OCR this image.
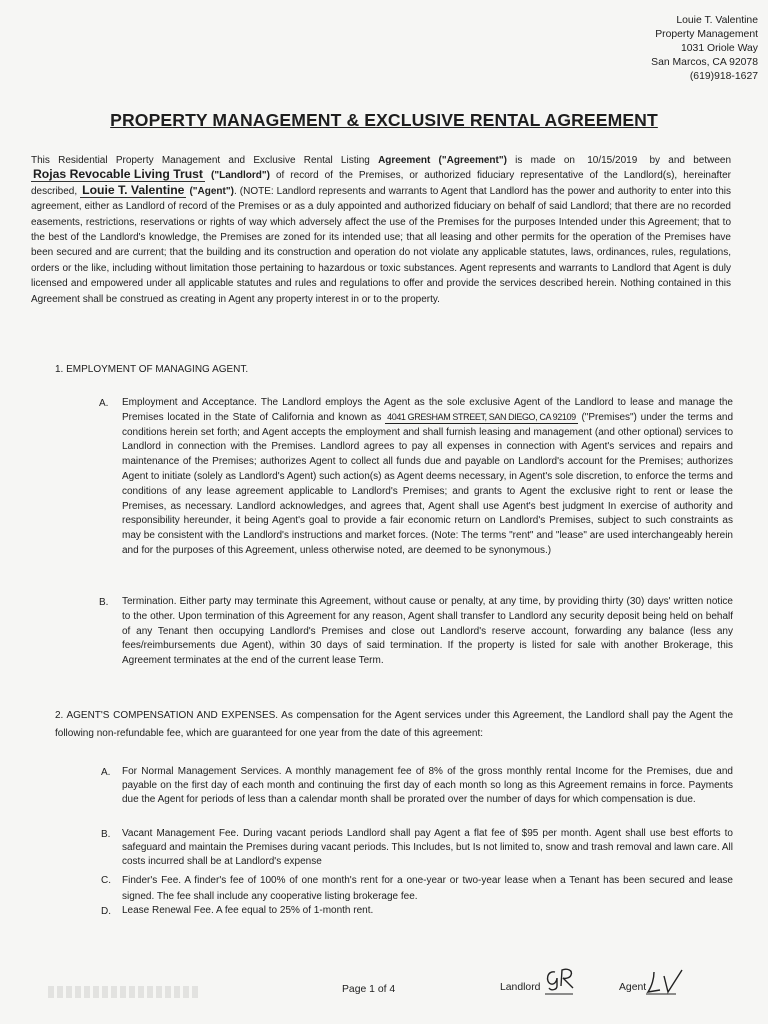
Louie T. Valentine
Property Management
1031 Oriole Way
San Marcos, CA 92078
(619)918-1627
PROPERTY MANAGEMENT & EXCLUSIVE RENTAL AGREEMENT
This Residential Property Management and Exclusive Rental Listing Agreement ("Agreement") is made on 10/15/2019 by and between Rojas Revocable Living Trust ("Landlord") of record of the Premises, or authorized fiduciary representative of the Landlord(s), hereinafter described, Louie T. Valentine ("Agent"). (NOTE: Landlord represents and warrants to Agent that Landlord has the power and authority to enter into this agreement, either as Landlord of record of the Premises or as a duly appointed and authorized fiduciary on behalf of said Landlord; that there are no recorded easements, restrictions, reservations or rights of way which adversely affect the use of the Premises for the purposes Intended under this Agreement; that to the best of the Landlord's knowledge, the Premises are zoned for its intended use; that all leasing and other permits for the operation of the Premises have been secured and are current; that the building and its construction and operation do not violate any applicable statutes, laws, ordinances, rules, regulations, orders or the like, including without limitation those pertaining to hazardous or toxic substances. Agent represents and warrants to Landlord that Agent is duly licensed and empowered under all applicable statutes and rules and regulations to offer and provide the services described herein. Nothing contained in this Agreement shall be construed as creating in Agent any property interest in or to the property.
1. EMPLOYMENT OF MANAGING AGENT.
A. Employment and Acceptance. The Landlord employs the Agent as the sole exclusive Agent of the Landlord to lease and manage the Premises located in the State of California and known as 4041 GRESHAM STREET, SAN DIEGO, CA 92109 ("Premises") under the terms and conditions herein set forth; and Agent accepts the employment and shall furnish leasing and management (and other optional) services to Landlord in connection with the Premises. Landlord agrees to pay all expenses in connection with Agent's services and repairs and maintenance of the Premises; authorizes Agent to collect all funds due and payable on Landlord's account for the Premises; authorizes Agent to initiate (solely as Landlord's Agent) such action(s) as Agent deems necessary, in Agent's sole discretion, to enforce the terms and conditions of any lease agreement applicable to Landlord's Premises; and grants to Agent the exclusive right to rent or lease the Premises, as necessary. Landlord acknowledges, and agrees that, Agent shall use Agent's best judgment In exercise of authority and responsibility hereunder, it being Agent's goal to provide a fair economic return on Landlord's Premises, subject to such constraints as may be consistent with the Landlord's instructions and market forces. (Note: The terms "rent" and "lease" are used interchangeably herein and for the purposes of this Agreement, unless otherwise noted, are deemed to be synonymous.)
B. Termination. Either party may terminate this Agreement, without cause or penalty, at any time, by providing thirty (30) days' written notice to the other. Upon termination of this Agreement for any reason, Agent shall transfer to Landlord any security deposit being held on behalf of any Tenant then occupying Landlord's Premises and close out Landlord's reserve account, forwarding any balance (less any fees/reimbursements due Agent), within 30 days of said termination. If the property is listed for sale with another Brokerage, this Agreement terminates at the end of the current lease Term.
2. AGENT'S COMPENSATION AND EXPENSES. As compensation for the Agent services under this Agreement, the Landlord shall pay the Agent the following non-refundable fee, which are guaranteed for one year from the date of this agreement:
A. For Normal Management Services. A monthly management fee of 8% of the gross monthly rental Income for the Premises, due and payable on the first day of each month and continuing the first day of each month so long as this Agreement remains in force. Payments due the Agent for periods of less than a calendar month shall be prorated over the number of days for which compensation is due.
B. Vacant Management Fee. During vacant periods Landlord shall pay Agent a flat fee of $95 per month. Agent shall use best efforts to safeguard and maintain the Premises during vacant periods. This Includes, but Is not limited to, snow and trash removal and lawn care. All costs incurred shall be at Landlord's expense
C. Finder's Fee. A finder's fee of 100% of one month's rent for a one-year or two-year lease when a Tenant has been secured and lease signed. The fee shall include any cooperative listing brokerage fee.
D. Lease Renewal Fee. A fee equal to 25% of 1-month rent.
Page 1 of 4	Landlord	Agent
